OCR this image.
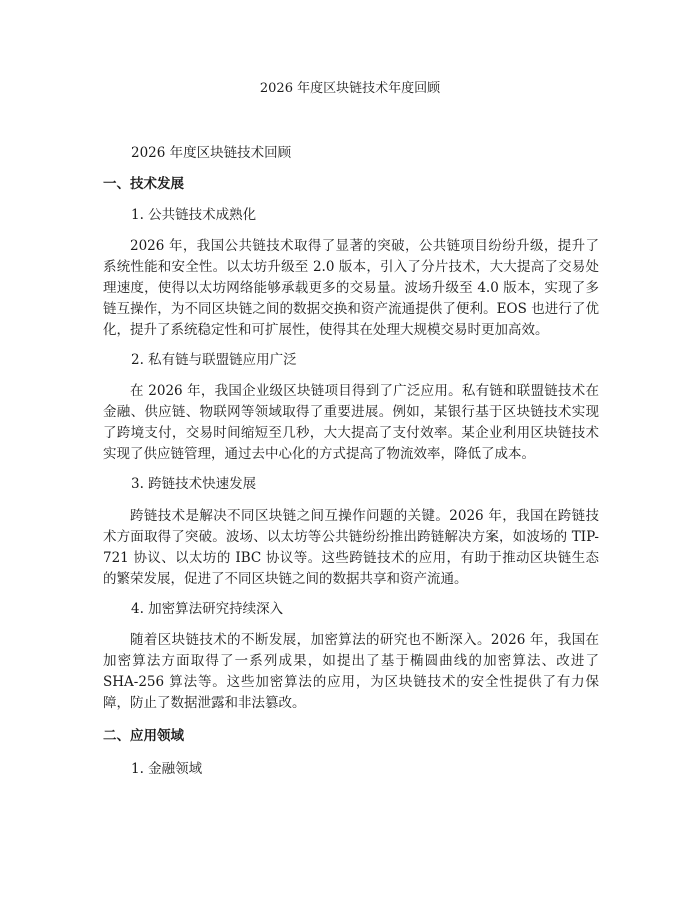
2026 年度区块链技术年度回顾
2026 年度区块链技术回顾
一、技术发展
1. 公共链技术成熟化

2026 年，我国公共链技术取得了显著的突破，公共链项目纷纷升级，提升了系统性能和安全性。以太坊升级至 2.0 版本，引入了分片技术，大大提高了交易处理速度，使得以太坊网络能够承载更多的交易量。波场升级至 4.0 版本，实现了多链互操作，为不同区块链之间的数据交换和资产流通提供了便利。EOS 也进行了优化，提升了系统稳定性和可扩展性，使得其在处理大规模交易时更加高效。

2. 私有链与联盟链应用广泛

在 2026 年，我国企业级区块链项目得到了广泛应用。私有链和联盟链技术在金融、供应链、物联网等领域取得了重要进展。例如，某银行基于区块链技术实现了跨境支付，交易时间缩短至几秒，大大提高了支付效率。某企业利用区块链技术实现了供应链管理，通过去中心化的方式提高了物流效率，降低了成本。

3. 跨链技术快速发展

跨链技术是解决不同区块链之间互操作问题的关键。2026 年，我国在跨链技术方面取得了突破。波场、以太坊等公共链纷纷推出跨链解决方案，如波场的 TIP-721 协议、以太坊的 IBC 协议等。这些跨链技术的应用，有助于推动区块链生态的繁荣发展，促进了不同区块链之间的数据共享和资产流通。

4. 加密算法研究持续深入

随着区块链技术的不断发展，加密算法的研究也不断深入。2026 年，我国在加密算法方面取得了一系列成果，如提出了基于椭圆曲线的加密算法、改进了 SHA-256 算法等。这些加密算法的应用，为区块链技术的安全性提供了有力保障，防止了数据泄露和非法篡改。

二、应用领域
1. 金融领域
